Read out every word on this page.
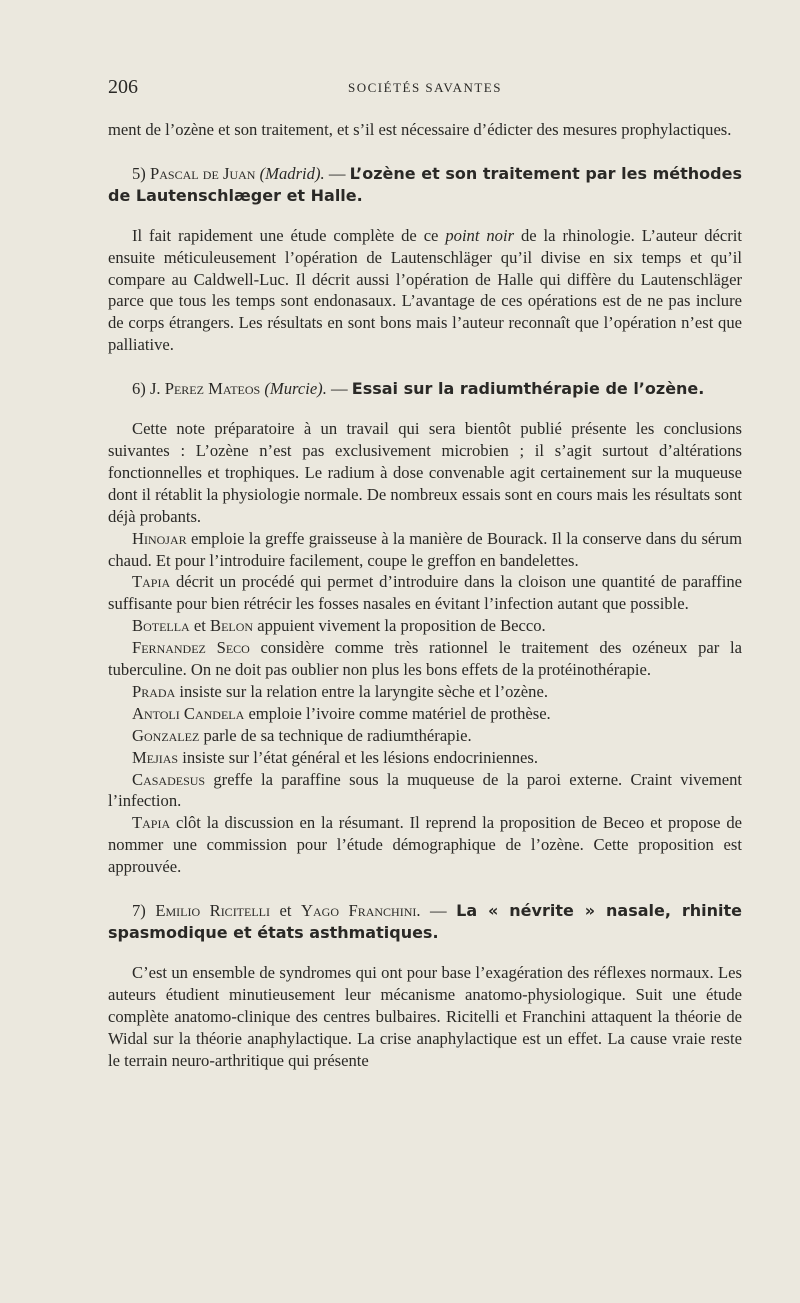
206	SOCIÉTÉS SAVANTES

ment de l’ozène et son traitement, et s’il est nécessaire d’édicter des mesures prophylactiques.

5) Pascal de Juan (Madrid). — L’ozène et son traitement par les méthodes de Lautenschlæger et Halle.

Il fait rapidement une étude complète de ce point noir de la rhinologie. L’auteur décrit ensuite méticuleusement l’opération de Lautenschläger qu’il divise en six temps et qu’il compare au Caldwell-Luc. Il décrit aussi l’opération de Halle qui diffère du Lautenschläger parce que tous les temps sont endonasaux. L’avantage de ces opérations est de ne pas inclure de corps étrangers. Les résultats en sont bons mais l’auteur reconnaît que l’opération n’est que palliative.

6) J. Perez Mateos (Murcie). — Essai sur la radiumthérapie de l’ozène.

Cette note préparatoire à un travail qui sera bientôt publié présente les conclusions suivantes : L’ozène n’est pas exclusivement microbien ; il s’agit surtout d’altérations fonctionnelles et trophiques. Le radium à dose convenable agit certainement sur la muqueuse dont il rétablit la physiologie normale. De nombreux essais sont en cours mais les résultats sont déjà probants.

Hinojar emploie la greffe graisseuse à la manière de Bourack. Il la conserve dans du sérum chaud. Et pour l’introduire facilement, coupe le greffon en bandelettes.

Tapia décrit un procédé qui permet d’introduire dans la cloison une quantité de paraffine suffisante pour bien rétrécir les fosses nasales en évitant l’infection autant que possible.

Botella et Belon appuient vivement la proposition de Becco.

Fernandez Seco considère comme très rationnel le traitement des ozéneux par la tuberculine. On ne doit pas oublier non plus les bons effets de la protéinothérapie.

Prada insiste sur la relation entre la laryngite sèche et l’ozène.

Antoli Candela emploie l’ivoire comme matériel de prothèse.

Gonzalez parle de sa technique de radiumthérapie.

Mejias insiste sur l’état général et les lésions endocriniennes.

Casadesus greffe la paraffine sous la muqueuse de la paroi externe. Craint vivement l’infection.

Tapia clôt la discussion en la résumant. Il reprend la proposition de Beceo et propose de nommer une commission pour l’étude démographique de l’ozène. Cette proposition est approuvée.

7) Emilio Ricitelli et Yago Franchini. — La « névrite » nasale, rhinite spasmodique et états asthmatiques.

C’est un ensemble de syndromes qui ont pour base l’exagération des réflexes normaux. Les auteurs étudient minutieusement leur mécanisme anatomo-physiologique. Suit une étude complète anatomo-clinique des centres bulbaires. Ricitelli et Franchini attaquent la théorie de Widal sur la théorie anaphylactique. La crise anaphylactique est un effet. La cause vraie reste le terrain neuro-arthritique qui présente
